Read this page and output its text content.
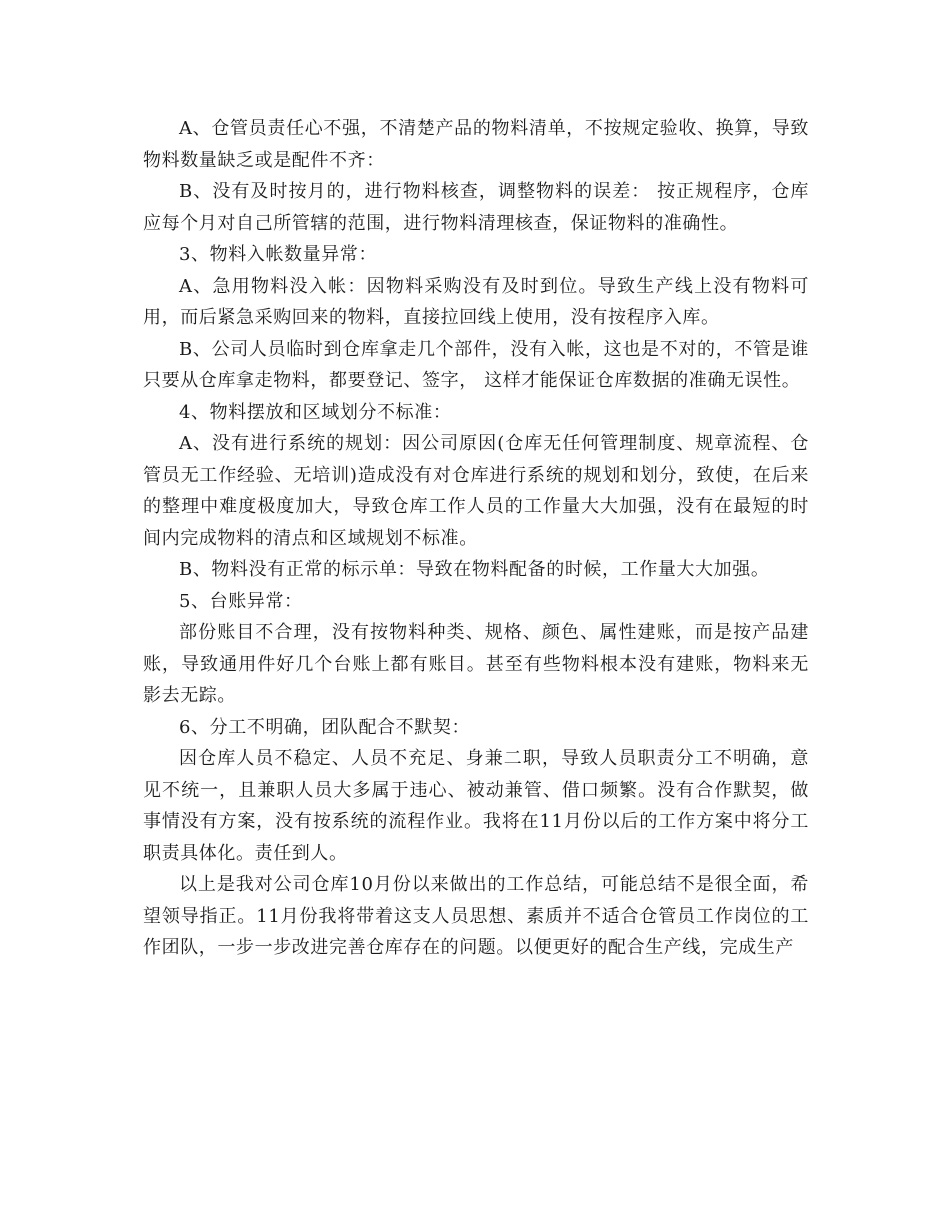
A、仓管员责任心不强，不清楚产品的物料清单，不按规定验收、换算，导致物料数量缺乏或是配件不齐：

B、没有及时按月的，进行物料核查，调整物料的误差： 按正规程序，仓库应每个月对自己所管辖的范围，进行物料清理核查，保证物料的准确性。

3、物料入帐数量异常：

A、急用物料没入帐：因物料采购没有及时到位。导致生产线上没有物料可用，而后紧急采购回来的物料，直接拉回线上使用，没有按程序入库。

B、公司人员临时到仓库拿走几个部件，没有入帐，这也是不对的，不管是谁只要从仓库拿走物料，都要登记、签字， 这样才能保证仓库数据的准确无误性。

4、物料摆放和区域划分不标准：

A、没有进行系统的规划：因公司原因(仓库无任何管理制度、规章流程、仓管员无工作经验、无培训)造成没有对仓库进行系统的规划和划分，致使，在后来的整理中难度极度加大，导致仓库工作人员的工作量大大加强，没有在最短的时间内完成物料的清点和区域规划不标准。

B、物料没有正常的标示单：导致在物料配备的时候，工作量大大加强。

5、台账异常：

部份账目不合理，没有按物料种类、规格、颜色、属性建账，而是按产品建账，导致通用件好几个台账上都有账目。甚至有些物料根本没有建账，物料来无影去无踪。

6、分工不明确，团队配合不默契：

因仓库人员不稳定、人员不充足、身兼二职，导致人员职责分工不明确，意见不统一，且兼职人员大多属于违心、被动兼管、借口频繁。没有合作默契，做事情没有方案，没有按系统的流程作业。我将在11月份以后的工作方案中将分工职责具体化。责任到人。

以上是我对公司仓库10月份以来做出的工作总结，可能总结不是很全面，希望领导指正。11月份我将带着这支人员思想、素质并不适合仓管员工作岗位的工作团队，一步一步改进完善仓库存在的问题。以便更好的配合生产线，完成生产
